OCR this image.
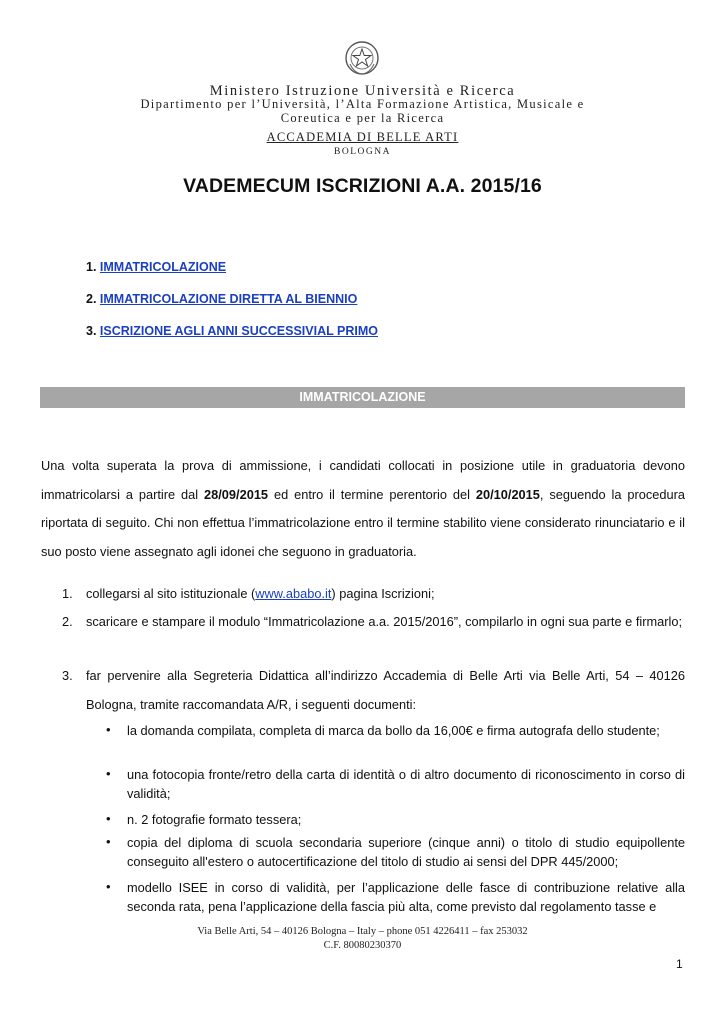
Ministero Istruzione Università e Ricerca
Dipartimento per l’Università, l’Alta Formazione Artistica, Musicale e
Coreutica e per la Ricerca
ACCADEMIA DI BELLE ARTI
BOLOGNA
VADEMECUM ISCRIZIONI A.A. 2015/16
1. IMMATRICOLAZIONE
2. IMMATRICOLAZIONE DIRETTA AL BIENNIO
3. ISCRIZIONE AGLI ANNI SUCCESSIVIAL PRIMO
IMMATRICOLAZIONE
Una volta superata la prova di ammissione, i candidati collocati in posizione utile in graduatoria devono immatricolarsi a partire dal 28/09/2015 ed entro il termine perentorio del 20/10/2015, seguendo la procedura riportata di seguito. Chi non effettua l’immatricolazione entro il termine stabilito viene considerato rinunciatario e il suo posto viene assegnato agli idonei che seguono in graduatoria.
1. collegarsi al sito istituzionale (www.ababo.it) pagina Iscrizioni;
2. scaricare e stampare il modulo “Immatricolazione a.a. 2015/2016”, compilarlo in ogni sua parte e firmarlo;
3. far pervenire alla Segreteria Didattica all’indirizzo Accademia di Belle Arti via Belle Arti, 54 – 40126 Bologna, tramite raccomandata A/R, i seguenti documenti:
• la domanda compilata, completa di marca da bollo da 16,00€ e firma autografa dello studente;
• una fotocopia fronte/retro della carta di identità o di altro documento di riconoscimento in corso di validità;
• n. 2 fotografie formato tessera;
• copia del diploma di scuola secondaria superiore (cinque anni) o titolo di studio equipollente conseguito all'estero o autocertificazione del titolo di studio ai sensi del DPR 445/2000;
• modello ISEE in corso di validità, per l’applicazione delle fasce di contribuzione relative alla seconda rata, pena l’applicazione della fascia più alta, come previsto dal regolamento tasse e
Via Belle Arti, 54 – 40126 Bologna – Italy – phone 051 4226411 – fax 253032
C.F. 80080230370
1
